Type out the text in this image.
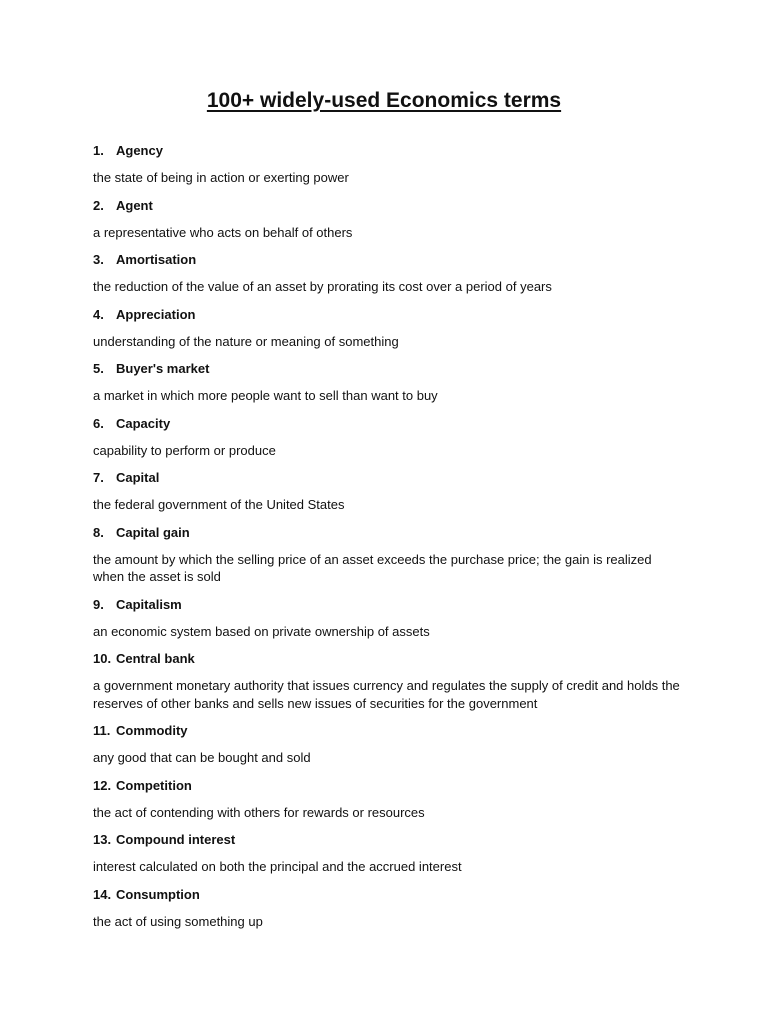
100+ widely-used Economics terms
1. Agency
the state of being in action or exerting power
2. Agent
a representative who acts on behalf of others
3. Amortisation
the reduction of the value of an asset by prorating its cost over a period of years
4. Appreciation
understanding of the nature or meaning of something
5. Buyer's market
a market in which more people want to sell than want to buy
6. Capacity
capability to perform or produce
7. Capital
the federal government of the United States
8. Capital gain
the amount by which the selling price of an asset exceeds the purchase price; the gain is realized when the asset is sold
9. Capitalism
an economic system based on private ownership of assets
10. Central bank
a government monetary authority that issues currency and regulates the supply of credit and holds the reserves of other banks and sells new issues of securities for the government
11. Commodity
any good that can be bought and sold
12. Competition
the act of contending with others for rewards or resources
13. Compound interest
interest calculated on both the principal and the accrued interest
14. Consumption
the act of using something up
